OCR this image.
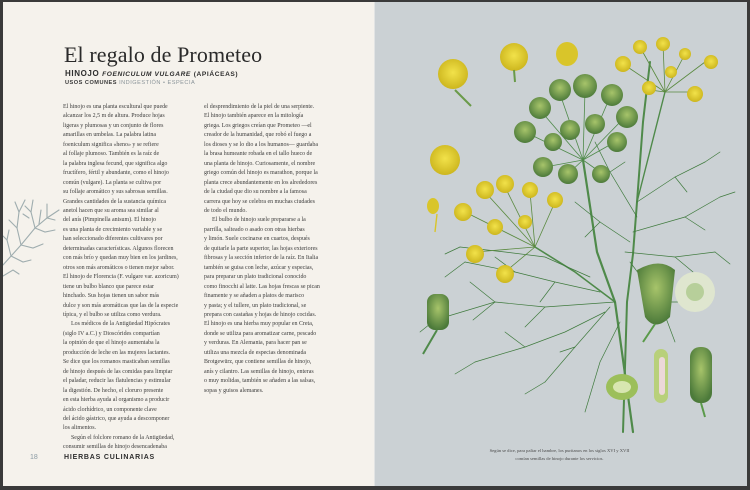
El regalo de Prometeo
HINOJO FOENICULUM VULGARE (APIÁCEAS)
USOS COMUNES INDIGESTIÓN • ESPECIA
El hinojo es una planta escultural que puede
alcanzar los 2,5 m de altura. Produce hojas
ligeras y plumosas y un conjunto de flores
amarillas en umbelas. La palabra latina
foeniculum significa «heno» y se refiere
al follaje plumoso. También es la raíz de
la palabra inglesa fecund, que significa algo
fructífero, fértil y abundante, como el hinojo
común (vulgare). La planta se cultiva por
su follaje aromático y sus sabrosas semillas.
Grandes cantidades de la sustancia química
anetol hacen que su aroma sea similar al
del anís (Pimpinella anisum). El hinojo
es una planta de crecimiento variable y se
han seleccionado diferentes cultivares por
determinadas características. Algunos florecen
con más brío y quedan muy bien en los jardines,
otros son más aromáticos o tienen mejor sabor.
El hinojo de Florencia (F. vulgare var. azoricum)
tiene un bulbo blanco que parece estar
hinchado. Sus hojas tienen un sabor más
dulce y son más aromáticas que las de la especie
típica, y el bulbo se utiliza como verdura.
Los médicos de la Antigüedad Hipócrates
(siglo IV a.C.) y Dioscórides compartían
la opinión de que el hinojo aumentaba la
producción de leche en las mujeres lactantes.
Se dice que los romanos masticaban semillas
de hinojo después de las comidas para limpiar
el paladar, reducir las flatulencias y estimular
la digestión. De hecho, el cloruro presente
en esta hierba ayuda al organismo a producir
ácido clorhídrico, un componente clave
del ácido gástrico, que ayuda a descomponer
los alimentos.
Según el folclore romano de la Antigüedad,
consumir semillas de hinojo desencadenaba
el desprendimiento de la piel de una serpiente.
El hinojo también aparece en la mitología
griega. Los griegos creían que Prometeo —el
creador de la humanidad, que robó el fuego a
los dioses y se lo dio a los humanos— guardaba
la brasa humeante robada en el tallo hueco de
una planta de hinojo. Curiosamente, el nombre
griego común del hinojo es marathon, porque la
planta crece abundantemente en los alrededores
de la ciudad que dio su nombre a la famosa
carrera que hoy se celebra en muchas ciudades
de todo el mundo.
El bulbo de hinojo suele prepararse a la
parrilla, salteado o asado con otras hierbas
y limón. Suele cocinarse en cuartos, después
de quitarle la parte superior, las hojas exteriores
fibrosas y la sección inferior de la raíz. En Italia
también se guisa con leche, azúcar y especias,
para preparar un plato tradicional conocido
como finocchi al latte. Las hojas frescas se pican
finamente y se añaden a platos de marisco
y pasta; y el tullere, un plato tradicional, se
prepara con castañas y hojas de hinojo cocidas.
El hinojo es una hierba muy popular en Creta,
donde se utiliza para aromatizar carne, pescado
y verduras. En Alemania, para hacer pan se
utiliza una mezcla de especias denominada
Brotgewürz, que contiene semillas de hinojo,
anís y cilantro. Las semillas de hinojo, enteras
o muy molidas, también se añaden a las salsas,
sopas y guisos alemanes.
18	HIERBAS CULINARIAS
Según se dice, para paliar el hambre, los puritanos en los siglos XVI y XVII
comían semillas de hinojo durante los servicios.
